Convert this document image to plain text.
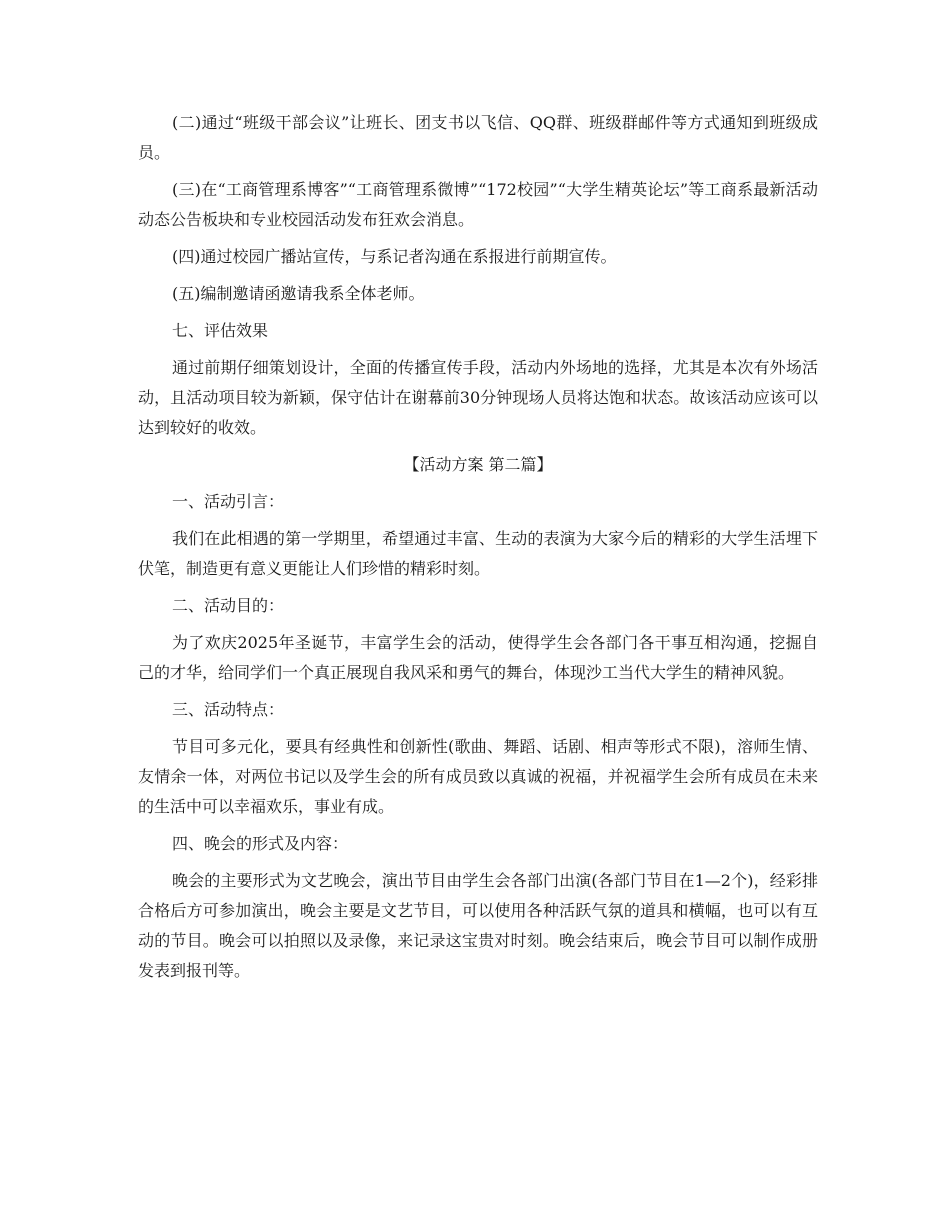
(二)通过“班级干部会议”让班长、团支书以飞信、QQ群、班级群邮件等方式通知到班级成员。

(三)在“工商管理系博客”“工商管理系微博”“172校园”“大学生精英论坛”等工商系最新活动动态公告板块和专业校园活动发布狂欢会消息。

(四)通过校园广播站宣传，与系记者沟通在系报进行前期宣传。

(五)编制邀请函邀请我系全体老师。

七、评估效果

通过前期仔细策划设计，全面的传播宣传手段，活动内外场地的选择，尤其是本次有外场活动，且活动项目较为新颖，保守估计在谢幕前30分钟现场人员将达饱和状态。故该活动应该可以达到较好的收效。

【活动方案 第二篇】

一、活动引言：

我们在此相遇的第一学期里，希望通过丰富、生动的表演为大家今后的精彩的大学生活埋下伏笔，制造更有意义更能让人们珍惜的精彩时刻。

二、活动目的：

为了欢庆2025年圣诞节，丰富学生会的活动，使得学生会各部门各干事互相沟通，挖掘自己的才华，给同学们一个真正展现自我风采和勇气的舞台，体现沙工当代大学生的精神风貌。

三、活动特点：

节目可多元化，要具有经典性和创新性(歌曲、舞蹈、话剧、相声等形式不限)，溶师生情、友情余一体，对两位书记以及学生会的所有成员致以真诚的祝福，并祝福学生会所有成员在未来的生活中可以幸福欢乐，事业有成。

四、晚会的形式及内容：

晚会的主要形式为文艺晚会，演出节目由学生会各部门出演(各部门节目在1—2个)，经彩排合格后方可参加演出，晚会主要是文艺节目，可以使用各种活跃气氛的道具和横幅，也可以有互动的节目。晚会可以拍照以及录像，来记录这宝贵对时刻。晚会结束后，晚会节目可以制作成册发表到报刊等。
